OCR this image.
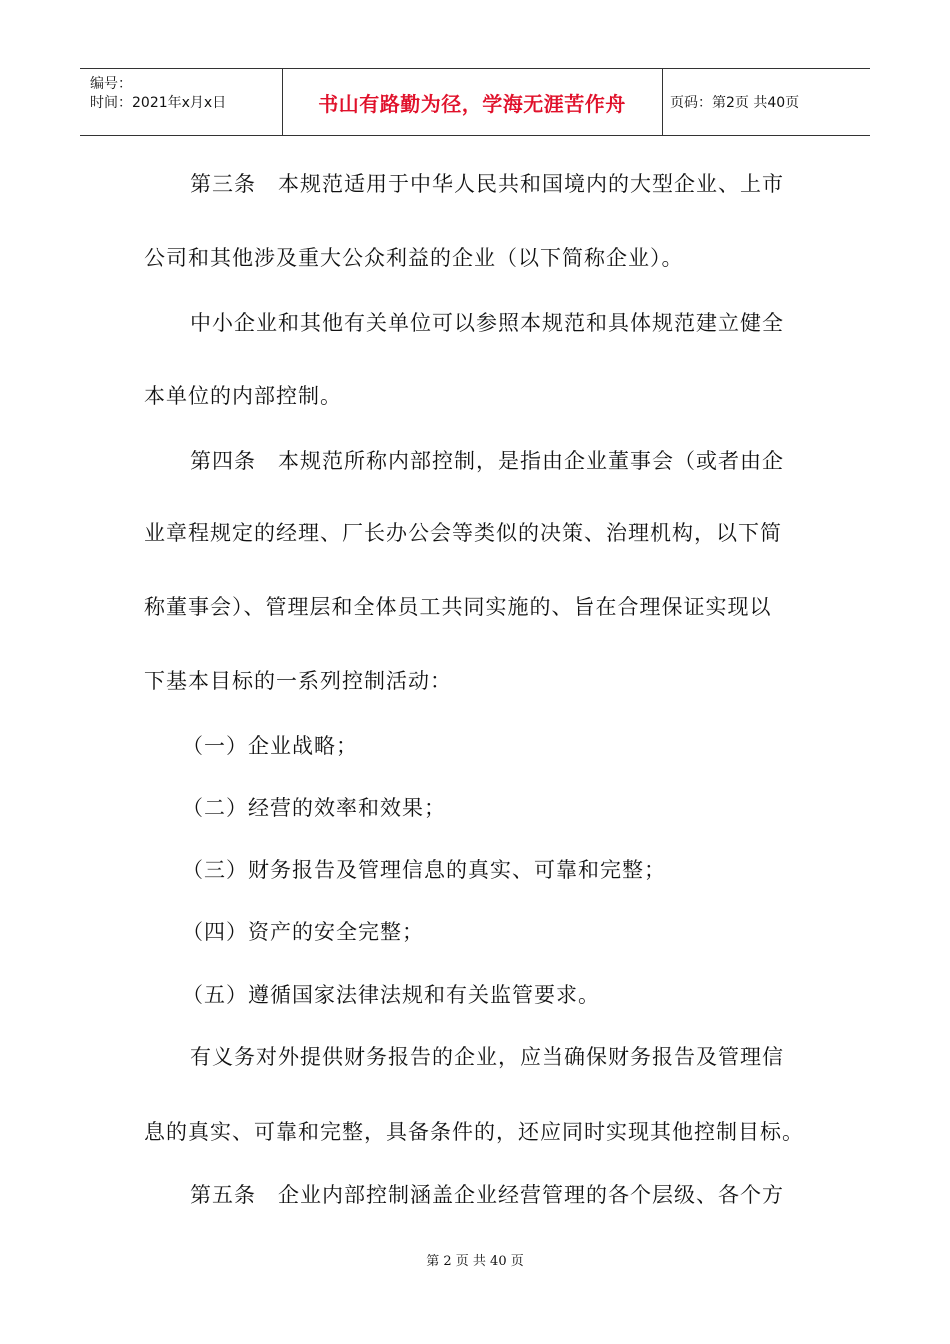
编号：
时间：2021年x月x日	书山有路勤为径，学海无涯苦作舟	页码：第2页 共40页
　　第三条　本规范适用于中华人民共和国境内的大型企业、上市
公司和其他涉及重大公众利益的企业（以下简称企业）。
　　中小企业和其他有关单位可以参照本规范和具体规范建立健全
本单位的内部控制。
　　第四条　本规范所称内部控制，是指由企业董事会（或者由企
业章程规定的经理、厂长办公会等类似的决策、治理机构，以下简
称董事会）、管理层和全体员工共同实施的、旨在合理保证实现以
下基本目标的一系列控制活动：
（一）企业战略；
（二）经营的效率和效果；
（三）财务报告及管理信息的真实、可靠和完整；
（四）资产的安全完整；
（五）遵循国家法律法规和有关监管要求。
　　有义务对外提供财务报告的企业，应当确保财务报告及管理信
息的真实、可靠和完整，具备条件的，还应同时实现其他控制目标。
　　第五条　企业内部控制涵盖企业经营管理的各个层级、各个方
第 2 页 共 40 页
